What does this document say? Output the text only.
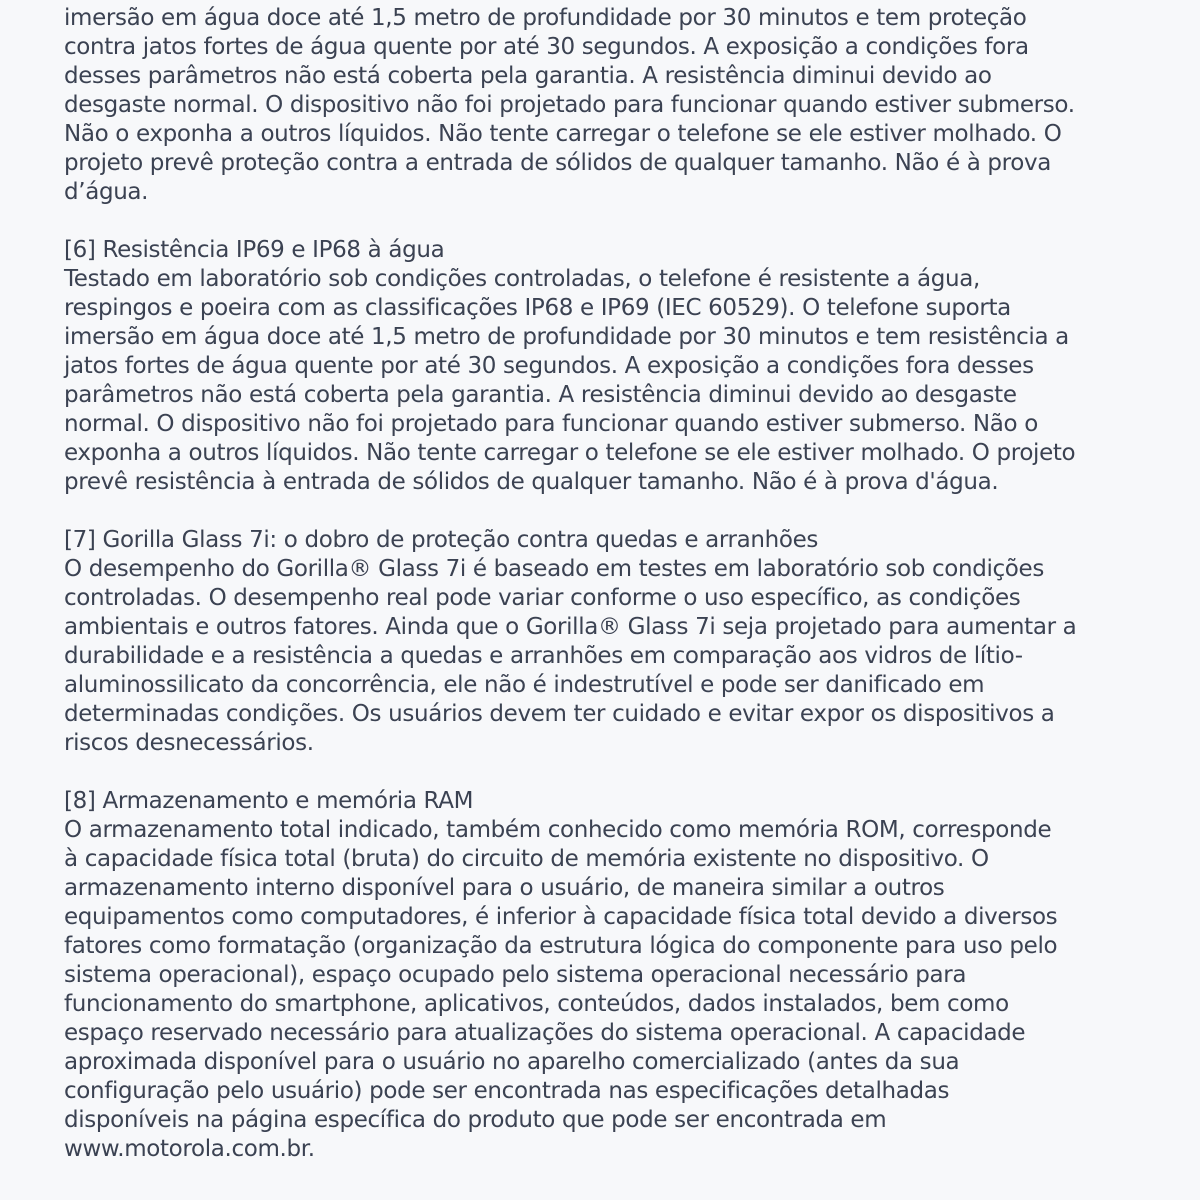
imersão em água doce até 1,5 metro de profundidade por 30 minutos e tem proteção
contra jatos fortes de água quente por até 30 segundos. A exposição a condições fora
desses parâmetros não está coberta pela garantia. A resistência diminui devido ao
desgaste normal. O dispositivo não foi projetado para funcionar quando estiver submerso.
Não o exponha a outros líquidos. Não tente carregar o telefone se ele estiver molhado. O
projeto prevê proteção contra a entrada de sólidos de qualquer tamanho. Não é à prova
d’água.
[6] Resistência IP69 e IP68 à água
Testado em laboratório sob condições controladas, o telefone é resistente a água,
respingos e poeira com as classificações IP68 e IP69 (IEC 60529). O telefone suporta
imersão em água doce até 1,5 metro de profundidade por 30 minutos e tem resistência a
jatos fortes de água quente por até 30 segundos. A exposição a condições fora desses
parâmetros não está coberta pela garantia. A resistência diminui devido ao desgaste
normal. O dispositivo não foi projetado para funcionar quando estiver submerso. Não o
exponha a outros líquidos. Não tente carregar o telefone se ele estiver molhado. O projeto
prevê resistência à entrada de sólidos de qualquer tamanho. Não é à prova d'água.
[7] Gorilla Glass 7i: o dobro de proteção contra quedas e arranhões
O desempenho do Gorilla® Glass 7i é baseado em testes em laboratório sob condições
controladas. O desempenho real pode variar conforme o uso específico, as condições
ambientais e outros fatores. Ainda que o Gorilla® Glass 7i seja projetado para aumentar a
durabilidade e a resistência a quedas e arranhões em comparação aos vidros de lítio-
aluminossilicato da concorrência, ele não é indestrutível e pode ser danificado em
determinadas condições. Os usuários devem ter cuidado e evitar expor os dispositivos a
riscos desnecessários.
[8] Armazenamento e memória RAM
O armazenamento total indicado, também conhecido como memória ROM, corresponde
à capacidade física total (bruta) do circuito de memória existente no dispositivo. O
armazenamento interno disponível para o usuário, de maneira similar a outros
equipamentos como computadores, é inferior à capacidade física total devido a diversos
fatores como formatação (organização da estrutura lógica do componente para uso pelo
sistema operacional), espaço ocupado pelo sistema operacional necessário para
funcionamento do smartphone, aplicativos, conteúdos, dados instalados, bem como
espaço reservado necessário para atualizações do sistema operacional. A capacidade
aproximada disponível para o usuário no aparelho comercializado (antes da sua
configuração pelo usuário) pode ser encontrada nas especificações detalhadas
disponíveis na página específica do produto que pode ser encontrada em
www.motorola.com.br.
